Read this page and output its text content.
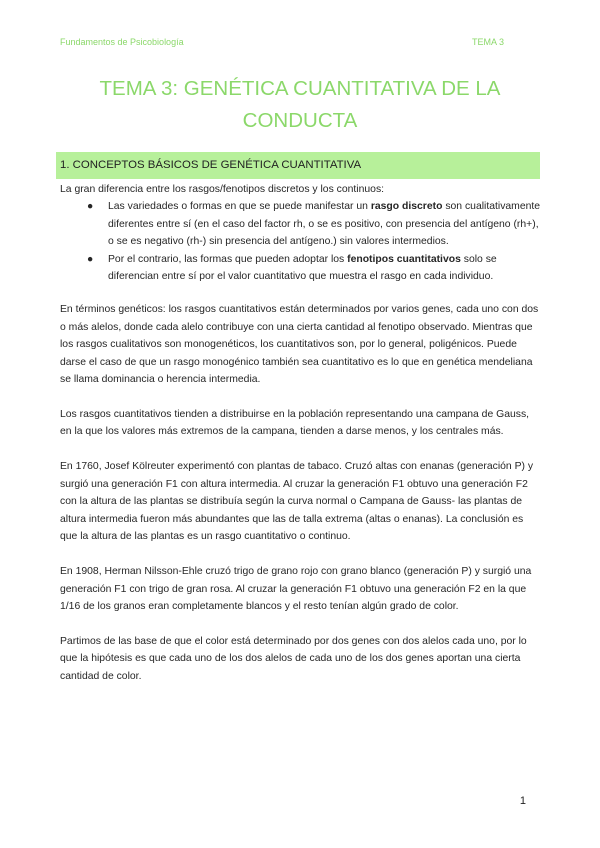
Fundamentos de Psicobiología	TEMA 3
TEMA 3: GENÉTICA CUANTITATIVA DE LA
CONDUCTA
1. CONCEPTOS BÁSICOS DE GENÉTICA CUANTITATIVA

La gran diferencia entre los rasgos/fenotipos discretos y los continuos:

● Las variedades o formas en que se puede manifestar un rasgo discreto son cualitativamente diferentes entre sí (en el caso del factor rh, o se es positivo, con presencia del antígeno (rh+), o se es negativo (rh-) sin presencia del antígeno.) sin valores intermedios.
● Por el contrario, las formas que pueden adoptar los fenotipos cuantitativos solo se diferencian entre sí por el valor cuantitativo que muestra el rasgo en cada individuo.

En términos genéticos: los rasgos cuantitativos están determinados por varios genes, cada uno con dos o más alelos, donde cada alelo contribuye con una cierta cantidad al fenotipo observado. Mientras que los rasgos cualitativos son monogenéticos, los cuantitativos son, por lo general, poligénicos. Puede darse el caso de que un rasgo monogénico también sea cuantitativo es lo que en genética mendeliana se llama dominancia o herencia intermedia.

Los rasgos cuantitativos tienden a distribuirse en la población representando una campana de Gauss, en la que los valores más extremos de la campana, tienden a darse menos, y los centrales más.

En 1760, Josef Kölreuter experimentó con plantas de tabaco. Cruzó altas con enanas (generación P) y surgió una generación F1 con altura intermedia. Al cruzar la generación F1 obtuvo una generación F2 con la altura de las plantas se distribuía según la curva normal o Campana de Gauss- las plantas de altura intermedia fueron más abundantes que las de talla extrema (altas o enanas). La conclusión es que la altura de las plantas es un rasgo cuantitativo o continuo.

En 1908, Herman Nilsson-Ehle cruzó trigo de grano rojo con grano blanco (generación P) y surgió una generación F1 con trigo de gran rosa. Al cruzar la generación F1 obtuvo una generación F2 en la que 1/16 de los granos eran completamente blancos y el resto tenían algún grado de color.

Partimos de las base de que el color está determinado por dos genes con dos alelos cada uno, por lo que la hipótesis es que cada uno de los dos alelos de cada uno de los dos genes aportan una cierta cantidad de color.

1
